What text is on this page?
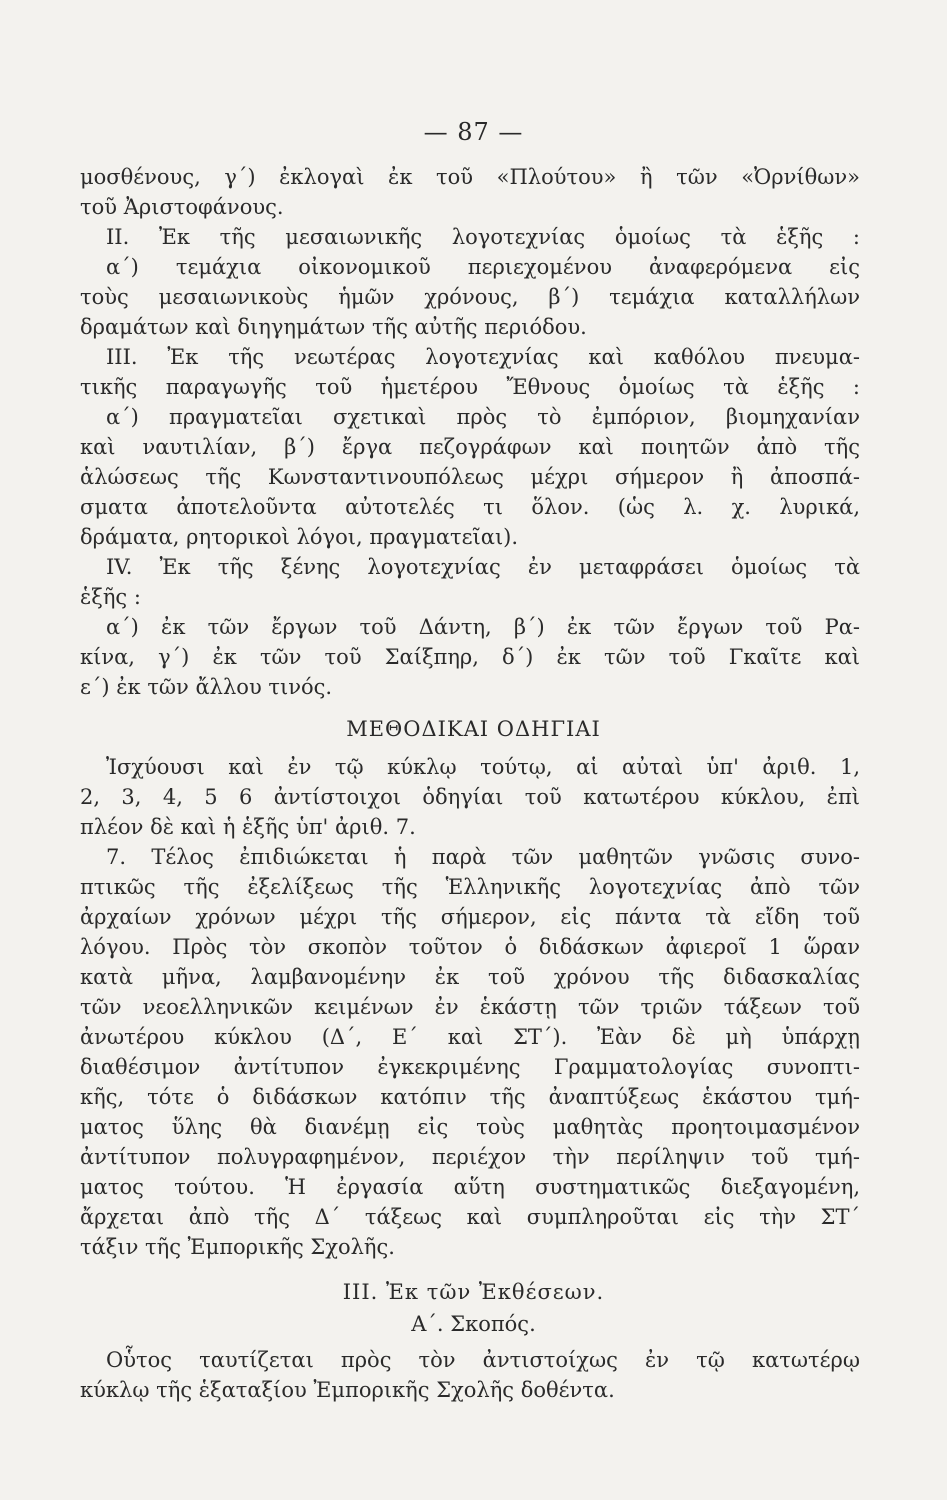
— 87 —
μοσθένους, γ´) ἐκλογαὶ ἐκ τοῦ «Πλούτου» ἢ τῶν «Ὀρνίθων»
τοῦ Ἀριστοφάνους.
II. Ἐκ τῆς μεσαιωνικῆς λογοτεχνίας ὁμοίως τὰ ἑξῆς :
α´) τεμάχια οἰκονομικοῦ περιεχομένου ἀναφερόμενα εἰς
τοὺς μεσαιωνικοὺς ἡμῶν χρόνους, β´) τεμάχια καταλλήλων
δραμάτων καὶ διηγημάτων τῆς αὐτῆς περιόδου.
III. Ἐκ τῆς νεωτέρας λογοτεχνίας καὶ καθόλου πνευμα-
τικῆς παραγωγῆς τοῦ ἡμετέρου Ἔθνους ὁμοίως τὰ ἑξῆς :
α´) πραγματεῖαι σχετικαὶ πρὸς τὸ ἐμπόριον, βιομηχανίαν
καὶ ναυτιλίαν, β´) ἔργα πεζογράφων καὶ ποιητῶν ἀπὸ τῆς
ἁλώσεως τῆς Κωνσταντινουπόλεως μέχρι σήμερον ἢ ἀποσπά-
σματα ἀποτελοῦντα αὐτοτελές τι ὅλον. (ὡς λ. χ. λυρικά,
δράματα, ρητορικοὶ λόγοι, πραγματεῖαι).
IV. Ἐκ τῆς ξένης λογοτεχνίας ἐν μεταφράσει ὁμοίως τὰ
ἑξῆς :
α´) ἐκ τῶν ἔργων τοῦ Δάντη, β´) ἐκ τῶν ἔργων τοῦ Ρα-
κίνα, γ´) ἐκ τῶν τοῦ Σαίξπηρ, δ´) ἐκ τῶν τοῦ Γκαῖτε καὶ
ε´) ἐκ τῶν ἄλλου τινός.
ΜΕΘΟΔΙΚΑΙ ΟΔΗΓΙΑΙ
Ἰσχύουσι καὶ ἐν τῷ κύκλῳ τούτῳ, αἱ αὐταὶ ὑπ' ἀριθ. 1,
2, 3, 4, 5 6 ἀντίστοιχοι ὁδηγίαι τοῦ κατωτέρου κύκλου, ἐπὶ
πλέον δὲ καὶ ἡ ἑξῆς ὑπ' ἀριθ. 7.
7. Τέλος ἐπιδιώκεται ἡ παρὰ τῶν μαθητῶν γνῶσις συνο-
πτικῶς τῆς ἐξελίξεως τῆς Ἑλληνικῆς λογοτεχνίας ἀπὸ τῶν
ἀρχαίων χρόνων μέχρι τῆς σήμερον, εἰς πάντα τὰ εἴδη τοῦ
λόγου. Πρὸς τὸν σκοπὸν τοῦτον ὁ διδάσκων ἀφιεροῖ 1 ὥραν
κατὰ μῆνα, λαμβανομένην ἐκ τοῦ χρόνου τῆς διδασκαλίας
τῶν νεοελληνικῶν κειμένων ἐν ἑκάστῃ τῶν τριῶν τάξεων τοῦ
ἀνωτέρου κύκλου (Δ´, Ε´ καὶ ΣΤ´). Ἐὰν δὲ μὴ ὑπάρχῃ
διαθέσιμον ἀντίτυπον ἐγκεκριμένης Γραμματολογίας συνοπτι-
κῆς, τότε ὁ διδάσκων κατόπιν τῆς ἀναπτύξεως ἑκάστου τμή-
ματος ὕλης θὰ διανέμῃ εἰς τοὺς μαθητὰς προητοιμασμένον
ἀντίτυπον πολυγραφημένον, περιέχον τὴν περίληψιν τοῦ τμή-
ματος τούτου. Ἡ ἐργασία αὕτη συστηματικῶς διεξαγομένη,
ἄρχεται ἀπὸ τῆς Δ´ τάξεως καὶ συμπληροῦται εἰς τὴν ΣΤ´
τάξιν τῆς Ἐμπορικῆς Σχολῆς.
III. Ἐκ τῶν Ἐκθέσεων.
Α´. Σκοπός.
Οὗτος ταυτίζεται πρὸς τὸν ἀντιστοίχως ἐν τῷ κατωτέρῳ
κύκλῳ τῆς ἑξαταξίου Ἐμπορικῆς Σχολῆς δοθέντα.
